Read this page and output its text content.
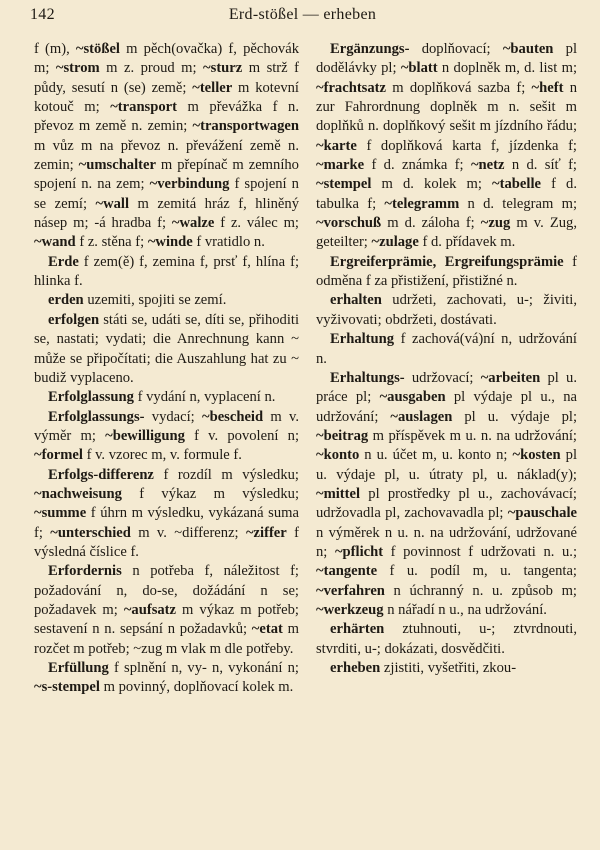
142	Erd-stößel — erheben

f (m), ~stößel m pěch(ovačka) f, pěchovák m; ~strom m z. proud m; ~sturz m strž f půdy, sesutí n (se) země; ~teller m kotevní kotouč m; ~transport m převážka f n. převoz m země n. zemin; ~transportwagen m vůz m na převoz n. převážení země n. zemin; ~umschalter m přepínač m zemního spojení n. na zem; ~verbindung f spojení n se zemí; ~wall m zemitá hráz f, hliněný násep m; -á hradba f; ~walze f z. válec m; ~wand f z. stěna f; ~winde f vratidlo n.

Erde f zem(ě) f, zemina f, prsť f, hlína f; hlinka f.

erden uzemiti, spojiti se zemí.

erfolgen státi se, udáti se, díti se, přihoditi se, nastati; vydati; die Anrechnung kann ~ může se připočítati; die Auszahlung hat zu ~ budiž vyplaceno.

Erfolglassung f vydání n, vyplacení n.

Erfolglassungs- vydací; ~bescheid m v. výměr m; ~bewilligung f v. povolení n; ~formel f v. vzorec m, v. formule f.

Erfolgs-differenz f rozdíl m výsledku; ~nachweisung f výkaz m výsledku; ~summe f úhrn m výsledku, vykázaná suma f; ~unterschied m v. ~differenz; ~ziffer f výsledná číslice f.

Erfordernis n potřeba f, náležitost f; požadování n, do-se, dožádání n se; požadavek m; ~aufsatz m výkaz m potřeb; sestavení n n. sepsání n požadavků; ~etat m rozčet m potřeb; ~zug m vlak m dle potřeby.

Erfüllung f splnění n, vy- n, vykonání n; ~s-stempel m povinný, doplňovací kolek m.

Ergänzungs- doplňovací; ~bauten pl dodělávky pl; ~blatt n doplněk m, d. list m; ~frachtsatz m doplňková sazba f; ~heft n zur Fahrordnung doplněk m n. sešit m doplňků n. doplňkový sešit m jízdního řádu; ~karte f doplňková karta f, jízdenka f; ~marke f d. známka f; ~netz n d. síť f; ~stempel m d. kolek m; ~tabelle f d. tabulka f; ~telegramm n d. telegram m; ~vorschuß m d. záloha f; ~zug m v. Zug, geteilter; ~zulage f d. přídavek m.

Ergreiferprämie, Ergreifungsprämie f odměna f za přistižení, přistižné n.

erhalten udržeti, zachovati, u-; živiti, vyživovati; obdržeti, dostávati.

Erhaltung f zachová(vá)ní n, udržování n.

Erhaltungs- udržovací; ~arbeiten pl u. práce pl; ~ausgaben pl výdaje pl u., na udržování; ~auslagen pl u. výdaje pl; ~beitrag m příspěvek m u. n. na udržování; ~konto n u. účet m, u. konto n; ~kosten pl u. výdaje pl, u. útraty pl, u. náklad(y); ~mittel pl prostředky pl u., zachovávací; udržovadla pl, zachovavadla pl; ~pauschale n výměrek n u. n. na udržování, udržované n; ~pflicht f povinnost f udržovati n. u.; ~tangente f u. podíl m, u. tangenta; ~verfahren n úchranný n. u. způsob m; ~werkzeug n nářadí n u., na udržování.

erhärten ztuhnouti, u-; ztvrdnouti, stvrditi, u-; dokázati, dosvědčiti.

erheben zjistiti, vyšetřiti, zkou-
